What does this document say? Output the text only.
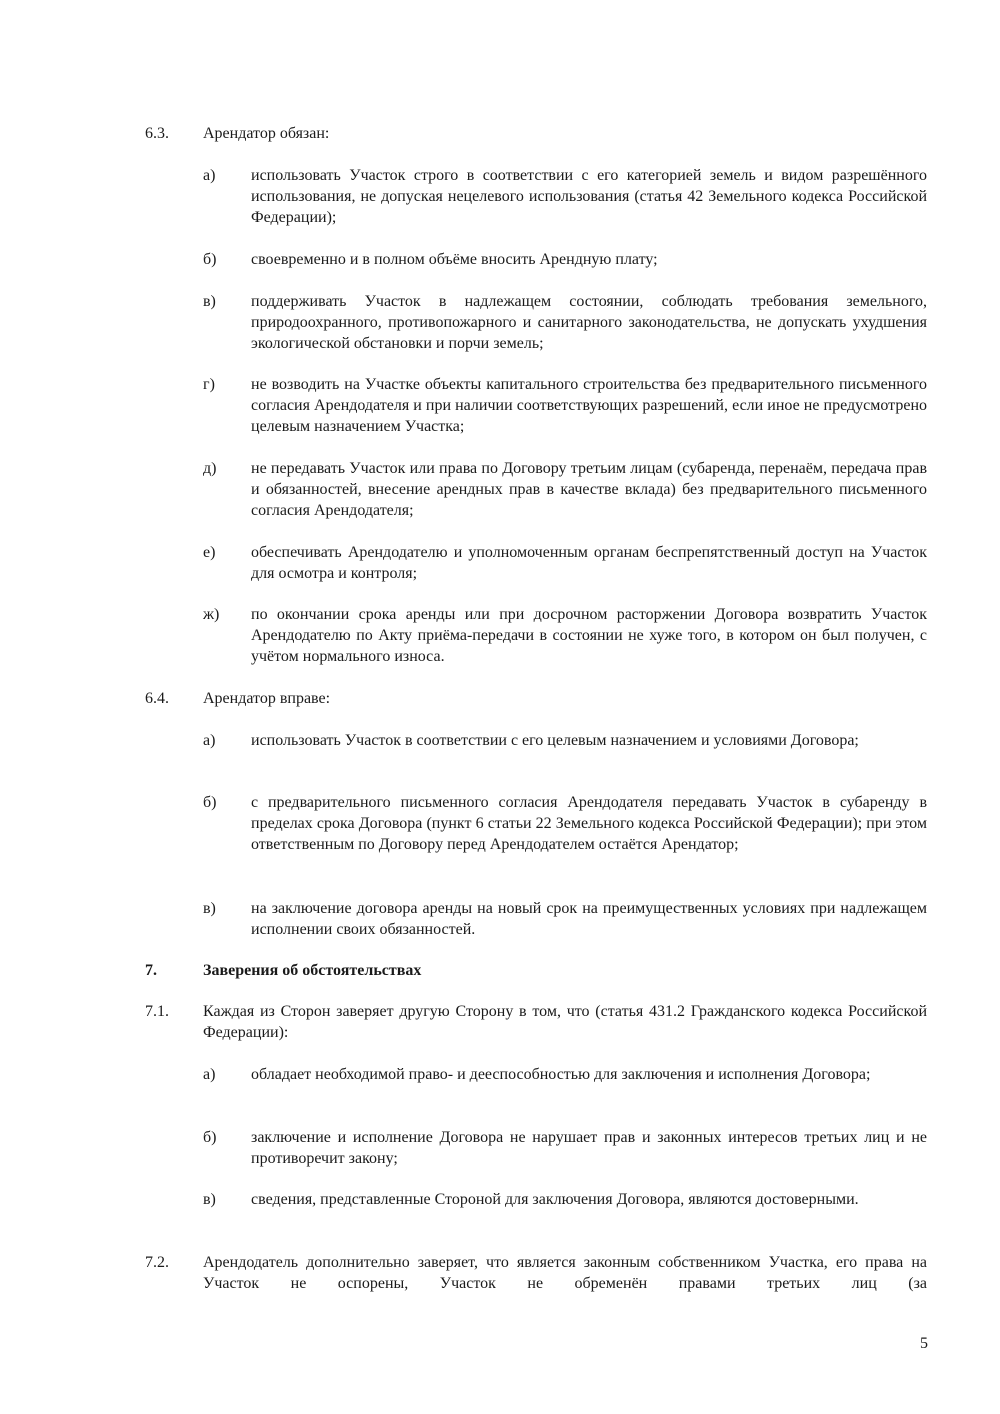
6.3. Арендатор обязан:
а) использовать Участок строго в соответствии с его категорией земель и видом разрешённого использования, не допуская нецелевого использования (статья 42 Земельного кодекса Российской Федерации);
б) своевременно и в полном объёме вносить Арендную плату;
в) поддерживать Участок в надлежащем состоянии, соблюдать требования земельного, природоохранного, противопожарного и санитарного законодательства, не допускать ухудшения экологической обстановки и порчи земель;
г) не возводить на Участке объекты капитального строительства без предварительного письменного согласия Арендодателя и при наличии соответствующих разрешений, если иное не предусмотрено целевым назначением Участка;
д) не передавать Участок или права по Договору третьим лицам (субаренда, перенаём, передача прав и обязанностей, внесение арендных прав в качестве вклада) без предварительного письменного согласия Арендодателя;
е) обеспечивать Арендодателю и уполномоченным органам беспрепятственный доступ на Участок для осмотра и контроля;
ж) по окончании срока аренды или при досрочном расторжении Договора возвратить Участок Арендодателю по Акту приёма-передачи в состоянии не хуже того, в котором он был получен, с учётом нормального износа.
6.4. Арендатор вправе:
а) использовать Участок в соответствии с его целевым назначением и условиями Договора;
б) с предварительного письменного согласия Арендодателя передавать Участок в субаренду в пределах срока Договора (пункт 6 статьи 22 Земельного кодекса Российской Федерации); при этом ответственным по Договору перед Арендодателем остаётся Арендатор;
в) на заключение договора аренды на новый срок на преимущественных условиях при надлежащем исполнении своих обязанностей.
7.	Заверения об обстоятельствах
7.1. Каждая из Сторон заверяет другую Сторону в том, что (статья 431.2 Гражданского кодекса Российской Федерации):
а) обладает необходимой право- и дееспособностью для заключения и исполнения Договора;
б) заключение и исполнение Договора не нарушает прав и законных интересов третьих лиц и не противоречит закону;
в) сведения, представленные Стороной для заключения Договора, являются достоверными.
7.2. Арендодатель дополнительно заверяет, что является законным собственником Участка, его права на Участок не оспорены, Участок не обременён правами третьих лиц (за
5
